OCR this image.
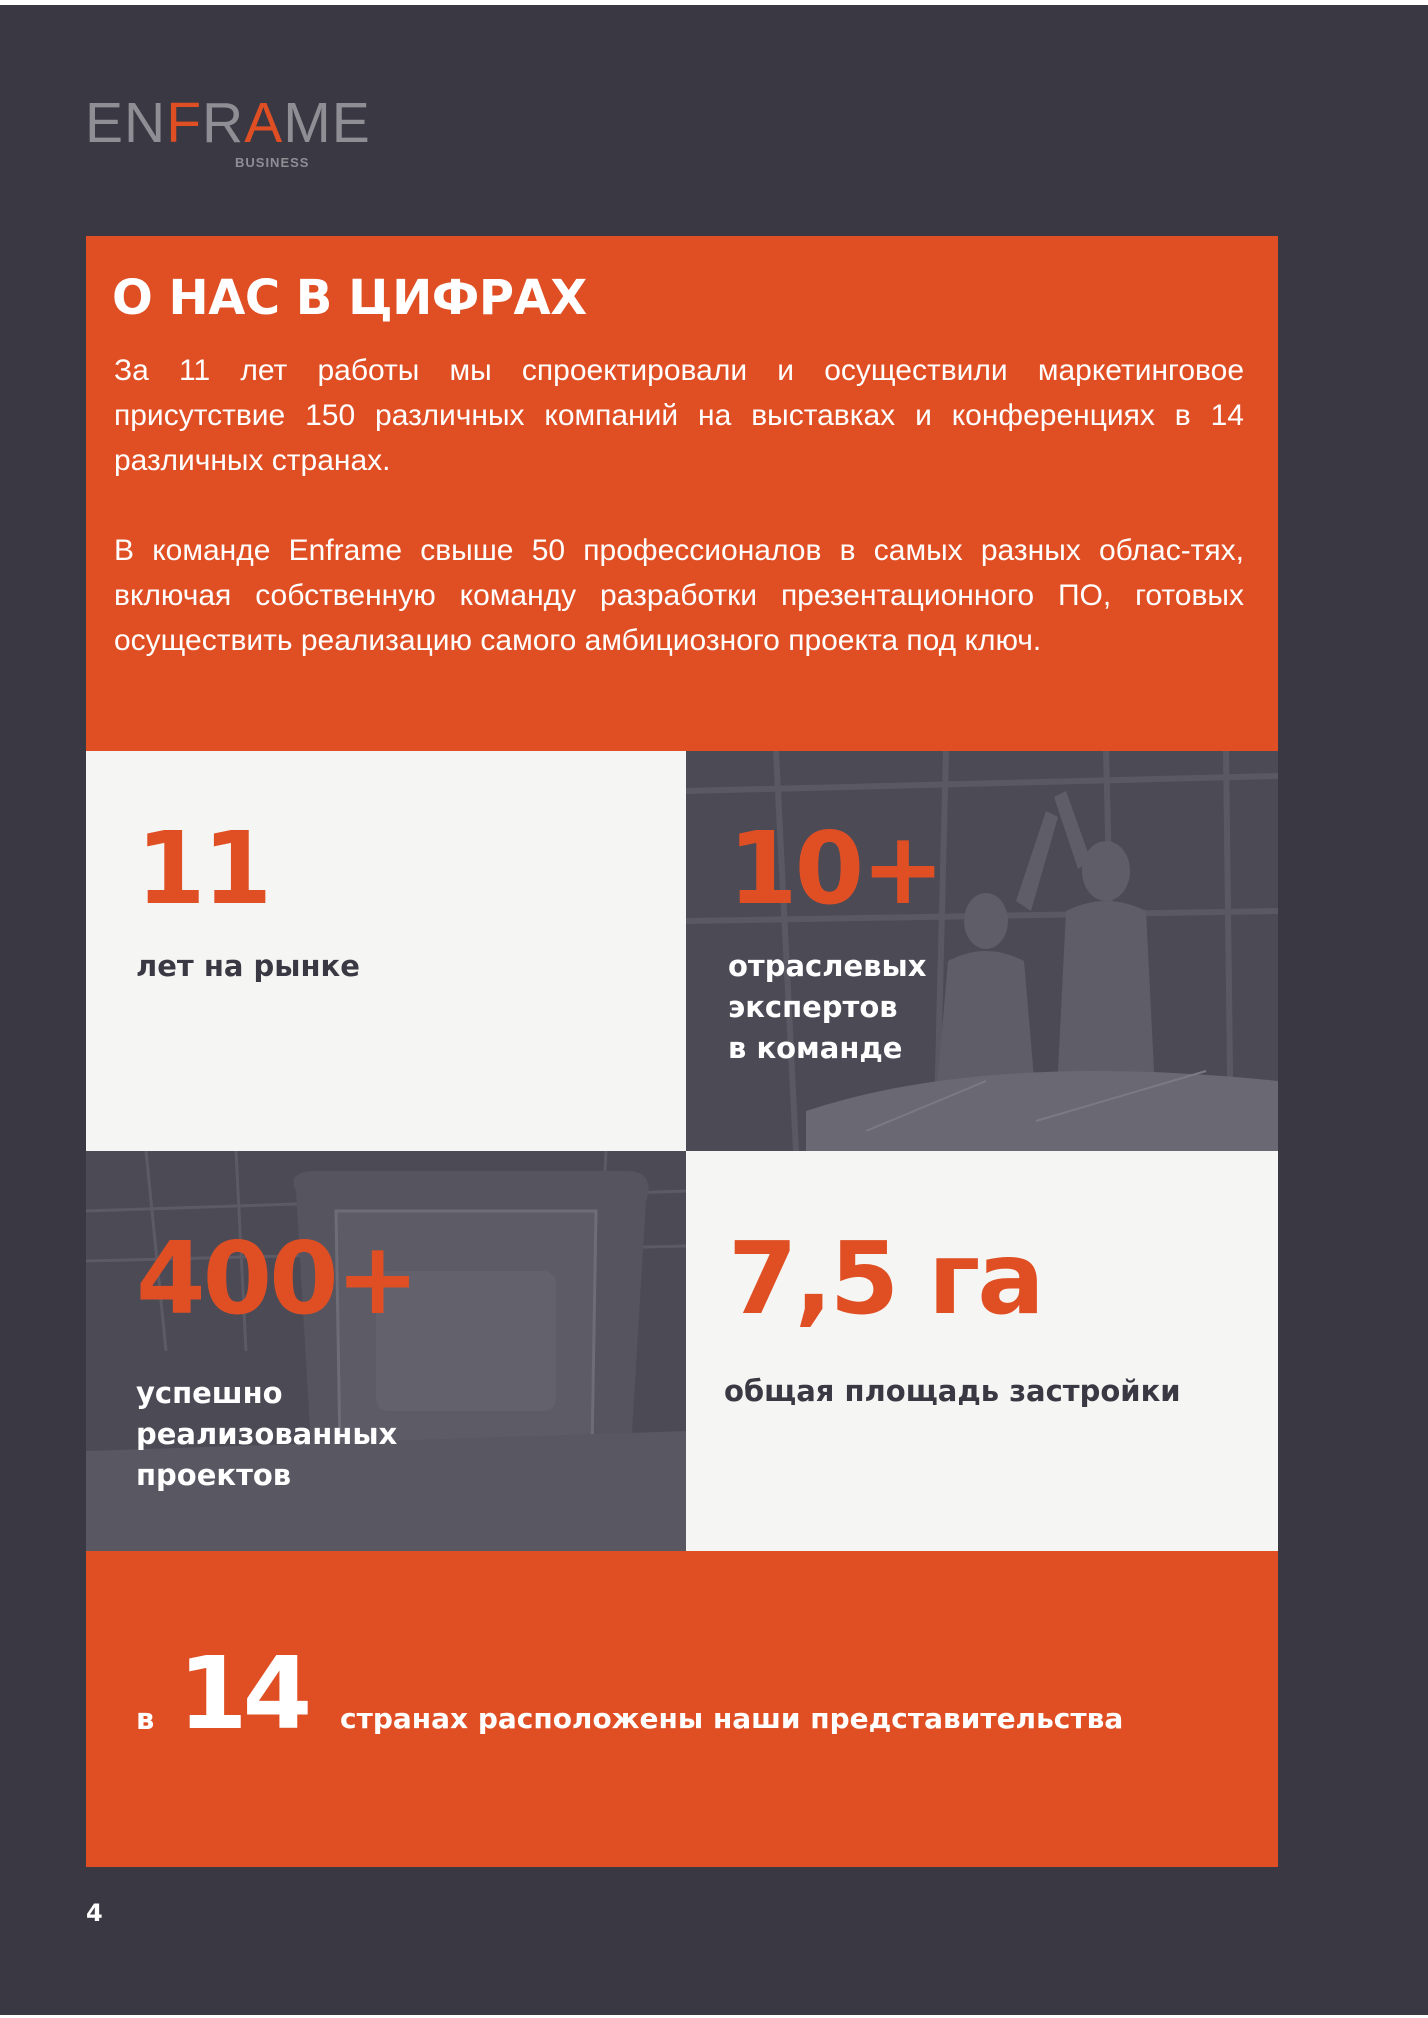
ENFRAME
BUSINESS
О НАС В ЦИФРАХ

За 11 лет работы мы спроектировали и осуществили маркетинговое присутствие 150 различных компаний на выставках и конференциях в 14 различных странах.

В команде Enframe свыше 50 профессионалов в самых разных облас-тях, включая собственную команду разработки презентационного ПО, готовых осуществить реализацию самого амбициозного проекта под ключ.

11

лет на рынке

10+

отраслевых
экспертов
в команде

400+

успешно
реализованных
проектов

7,5 га

общая площадь застройки

в 14 странах расположены наши представительства
4
